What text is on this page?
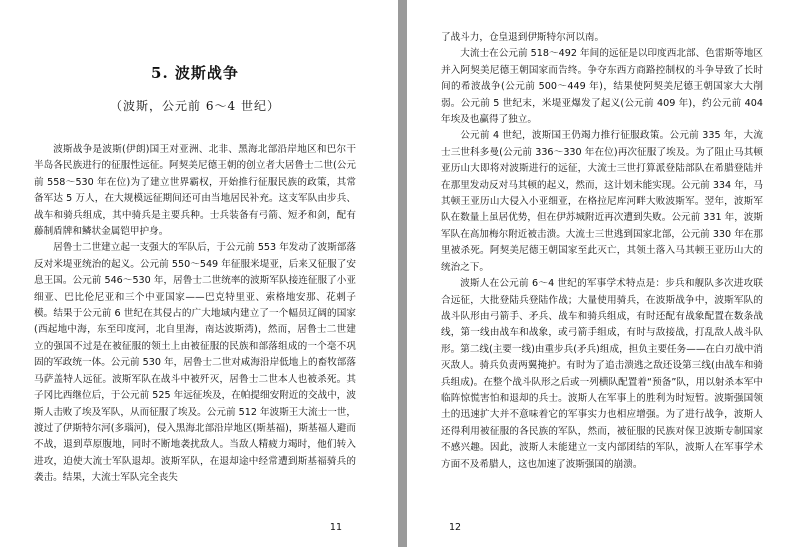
5. 波斯战争
（波斯，公元前 6～4 世纪）

波斯战争是波斯(伊朗)国王对亚洲、北非、黑海北部沿岸地区和巴尔干半岛各民族进行的征服性远征。阿契美尼德王朝的创立者大居鲁士二世(公元前 558～530 年在位)为了建立世界霸权，开始推行征服民族的政策，其常备军达 5 万人，在大规模远征期间还可由当地居民补充。这支军队由步兵、战车和骑兵组成，其中骑兵是主要兵种。士兵装备有弓箭、短矛和剑，配有藤制盾牌和鳞状金属铠甲护身。

居鲁士二世建立起一支强大的军队后，于公元前 553 年发动了波斯部落反对米堤亚统治的起义。公元前 550～549 年征服米堤亚，后来又征服了安息王国。公元前 546～530 年，居鲁士二世统率的波斯军队接连征服了小亚细亚、巴比伦尼亚和三个中亚国家——巴克特里亚、索格地安那、花剌子模。结果于公元前 6 世纪在其侵占的广大地域内建立了一个幅员辽阔的国家(西起地中海，东至印度河，北自里海，南达波斯湾)，然而，居鲁士二世建立的强国不过是在被征服的领土上由被征服的民族和部落组成的一个毫不巩固的军政统一体。公元前 530 年，居鲁士二世对咸海沿岸低地上的畜牧部落马萨盖特人远征。波斯军队在战斗中被歼灭，居鲁士二世本人也被杀死。其子冈比西继位后，于公元前 525 年远征埃及，在帕提细安附近的交战中，波斯人击败了埃及军队，从而征服了埃及。公元前 512 年波斯王大流士一世，渡过了伊斯特尔河(多瑙河)，侵入黑海北部沿岸地区(斯基福)，斯基福人避而不战，退到草原腹地，同时不断地袭扰敌人。当敌人精疲力竭时，他们转入进攻，迫使大流士军队退却。波斯军队，在退却途中经常遭到斯基福骑兵的袭击。结果，大流士军队完全丧失

11

了战斗力，仓皇退到伊斯特尔河以南。

大流士在公元前 518～492 年间的远征是以印度西北部、色雷斯等地区并入阿契美尼德王朝国家而告终。争夺东西方商路控制权的斗争导致了长时间的希波战争(公元前 500～449 年)，结果使阿契美尼德王朝国家大大削弱。公元前 5 世纪末，米堤亚爆发了起义(公元前 409 年)，约公元前 404 年埃及也赢得了独立。

公元前 4 世纪，波斯国王仍竭力推行征服政策。公元前 335 年，大流士三世科多曼(公元前 336～330 年在位)再次征服了埃及。为了阻止马其顿亚历山大即将对波斯进行的远征，大流士三世打算派登陆部队在希腊登陆并在那里发动反对马其顿的起义，然而，这计划未能实现。公元前 334 年，马其顿王亚历山大侵入小亚细亚，在格拉尼库河畔大败波斯军。翌年，波斯军队在数量上虽居优势，但在伊苏城附近再次遭到失败。公元前 331 年，波斯军队在高加梅尔附近被击溃。大流士三世逃到国家北部，公元前 330 年在那里被杀死。阿契美尼德王朝国家至此灭亡，其领土落入马其顿王亚历山大的统治之下。

波斯人在公元前 6～4 世纪的军事学术特点是：步兵和舰队多次进攻联合远征，大批登陆兵登陆作战；大量使用骑兵，在波斯战争中，波斯军队的战斗队形由弓箭手、矛兵、战车和骑兵组成，有时还配有战象配置在数条战线，第一线由战车和战象，或弓箭手组成，有时与敌接战，打乱敌人战斗队形。第二线(主要一线)由重步兵(矛兵)组成，担负主要任务——在白刃战中消灭敌人。骑兵负责两翼掩护。有时为了追击溃逃之敌还设第三线(由战车和骑兵组成)。在整个战斗队形之后或一列横队配置着“预备”队，用以射杀本军中临阵惊慌害怕和退却的兵士。波斯人在军事上的胜利为时短暂。波斯强国领土的迅速扩大并不意味着它的军事实力也相应增强。为了进行战争，波斯人还得利用被征服的各民族的军队，然而，被征服的民族对保卫波斯专制国家不感兴趣。因此，波斯人未能建立一支内部团结的军队，波斯人在军事学术方面不及希腊人，这也加速了波斯强国的崩溃。

12
